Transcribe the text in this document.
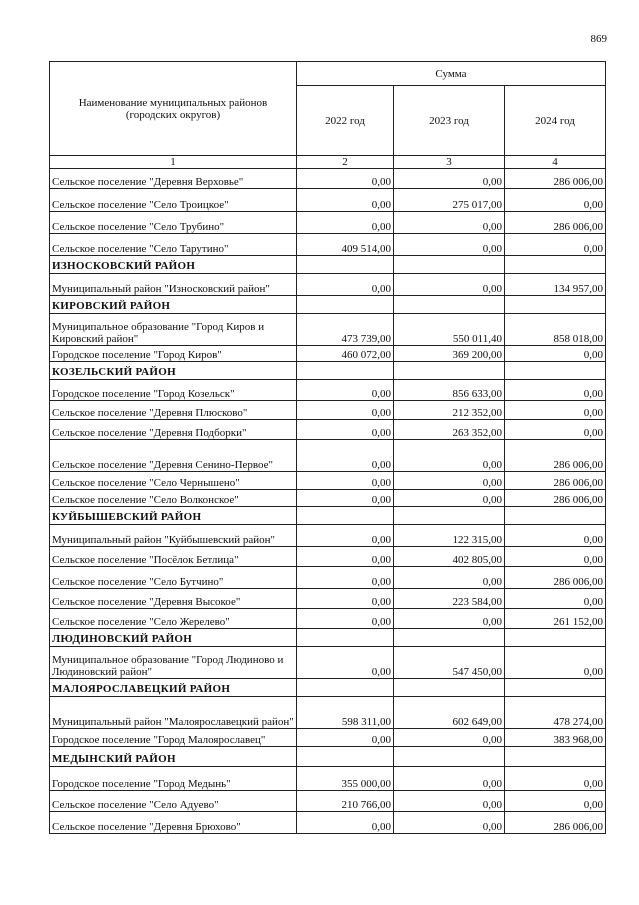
869
Наименование муниципальных районов (городских округов)	Сумма		
	2022 год	2023 год	2024 год
1	2	3	4
Сельское поселение "Деревня Верховье"	0,00	0,00	286 006,00
Сельское поселение "Село Троицкое"	0,00	275 017,00	0,00
Сельское поселение "Село Трубино"	0,00	0,00	286 006,00
Сельское поселение "Село Тарутино"	409 514,00	0,00	0,00
ИЗНОСКОВСКИЙ РАЙОН			
Муниципальный район "Износковский район"	0,00	0,00	134 957,00
КИРОВСКИЙ РАЙОН			
Муниципальное образование "Город Киров и Кировский район"	473 739,00	550 011,40	858 018,00
Городское поселение "Город Киров"	460 072,00	369 200,00	0,00
КОЗЕЛЬСКИЙ РАЙОН			
Городское поселение "Город Козельск"	0,00	856 633,00	0,00
Сельское поселение "Деревня Плюсково"	0,00	212 352,00	0,00
Сельское поселение "Деревня Подборки"	0,00	263 352,00	0,00
Сельское поселение "Деревня Сенино-Первое"	0,00	0,00	286 006,00
Сельское поселение "Село Чернышено"	0,00	0,00	286 006,00
Сельское поселение "Село Волконское"	0,00	0,00	286 006,00
КУЙБЫШЕВСКИЙ РАЙОН			
Муниципальный район "Куйбышевский район"	0,00	122 315,00	0,00
Сельское поселение "Посёлок Бетлица"	0,00	402 805,00	0,00
Сельское поселение "Село Бутчино"	0,00	0,00	286 006,00
Сельское поселение "Деревня Высокое"	0,00	223 584,00	0,00
Сельское поселение "Село Жерелево"	0,00	0,00	261 152,00
ЛЮДИНОВСКИЙ РАЙОН			
Муниципальное образование "Город Людиново и Людиновский район"	0,00	547 450,00	0,00
МАЛОЯРОСЛАВЕЦКИЙ РАЙОН			
Муниципальный район "Малоярославецкий район"	598 311,00	602 649,00	478 274,00
Городское поселение "Город Малоярославец"	0,00	0,00	383 968,00
МЕДЫНСКИЙ РАЙОН			
Городское поселение "Город Медынь"	355 000,00	0,00	0,00
Сельское поселение "Село Адуево"	210 766,00	0,00	0,00
Сельское поселение "Деревня Брюхово"	0,00	0,00	286 006,00
